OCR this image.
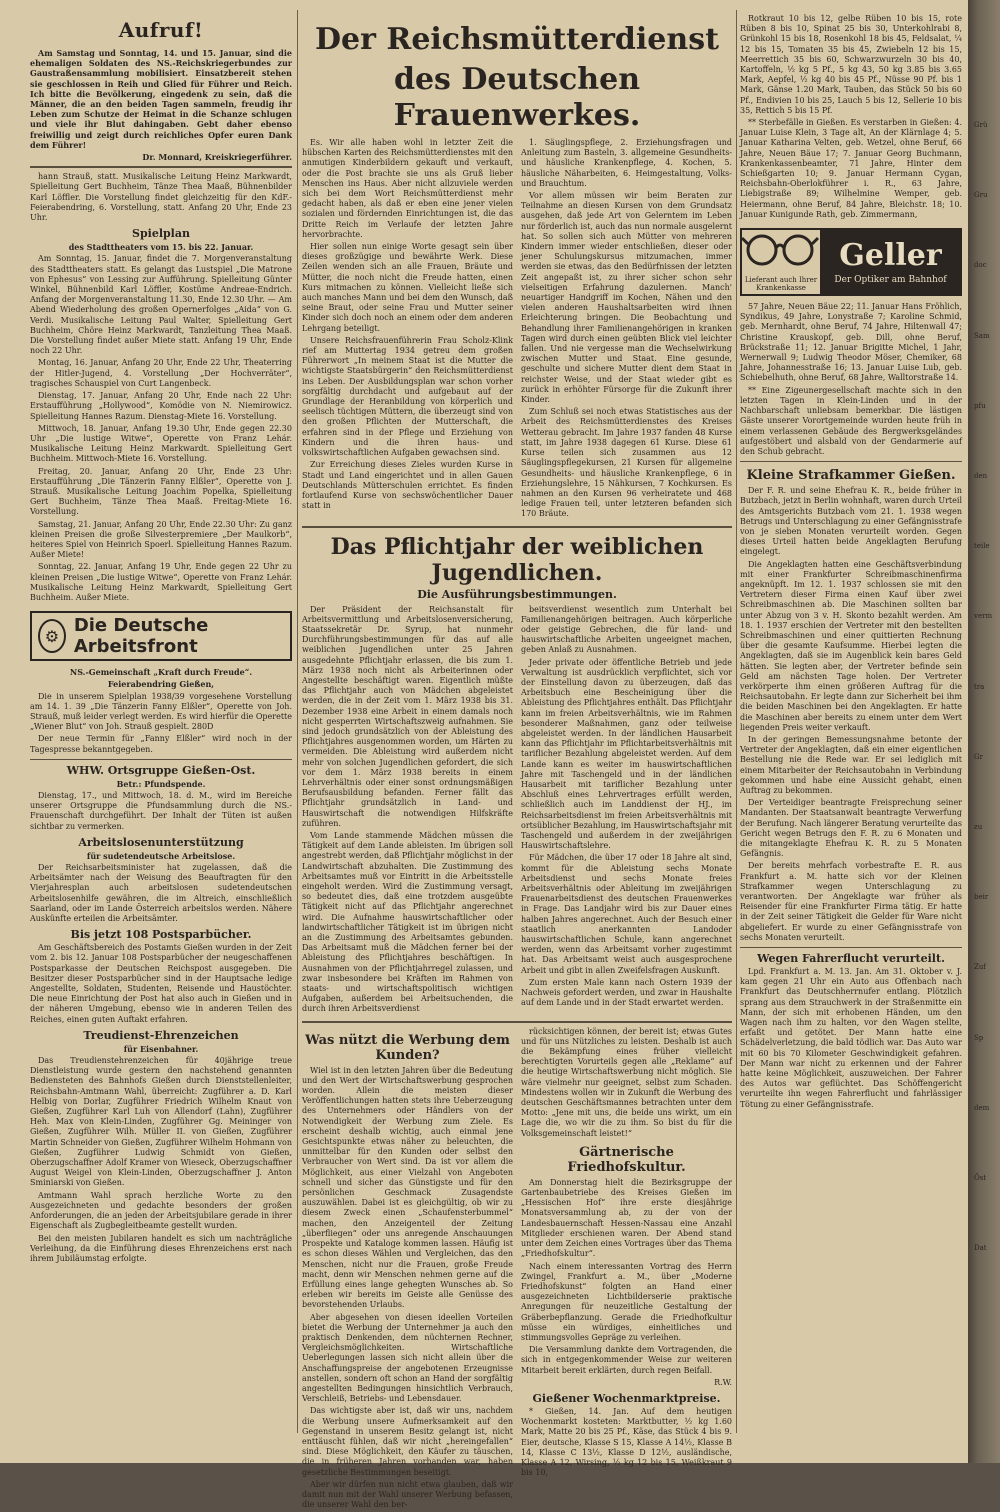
Aufruf!

Am Samstag und Sonntag, 14. und 15. Januar, sind die ehemaligen Soldaten des NS.-Reichskriegerbundes zur Gaustraßensammlung mobilisiert. Einsatzbereit stehen sie geschlossen in Reih und Glied für Führer und Reich. Ich bitte die Bevölkerung, eingedenk zu sein, daß die Männer, die an den beiden Tagen sammeln, freudig ihr Leben zum Schutze der Heimat in die Schanze schlugen und viele ihr Blut dahingaben. Gebt daher ebenso freiwillig und zeigt durch reichliches Opfer euren Dank dem Führer!

Dr. Monnard, Kreiskriegerführer.

hann Strauß, statt. Musikalische Leitung Heinz Markwardt, Spielleitung Gert Buchheim, Tänze Thea Maaß, Bühnenbilder Karl Löffler. Die Vorstellung findet gleichzeitig für den KdF.-Feierabendring, 6. Vorstellung, statt. Anfang 20 Uhr, Ende 23 Uhr.

Spielplan

des Stadttheaters vom 15. bis 22. Januar.

Am Sonntag, 15. Januar, findet die 7. Morgenveranstaltung des Stadttheaters statt. Es gelangt das Lustspiel „Die Matrone von Ephesus“ von Lessing zur Aufführung. Spielleitung Günter Winkel, Bühnenbild Karl Löffler, Kostüme Andreae-Endrich. Anfang der Morgenveranstaltung 11.30, Ende 12.30 Uhr. — Am Abend Wiederholung des großen Opernerfolges „Aida“ von G. Verdi. Musikalische Leitung Paul Walter, Spielleitung Gert Buchheim, Chöre Heinz Markwardt, Tanzleitung Thea Maaß. Die Vorstellung findet außer Miete statt. Anfang 19 Uhr, Ende noch 22 Uhr.

Montag, 16. Januar, Anfang 20 Uhr, Ende 22 Uhr, Theaterring der Hitler-Jugend, 4. Vorstellung „Der Hochverräter“, tragisches Schauspiel von Curt Langenbeck.

Dienstag, 17. Januar, Anfang 20 Uhr, Ende nach 22 Uhr: Erstaufführung „Hollywood“, Komödie von N. Niemirowicz. Spielleitung Hannes Razum. Dienstag-Miete 16. Vorstellung.

Mittwoch, 18. Januar, Anfang 19.30 Uhr, Ende gegen 22.30 Uhr „Die lustige Witwe“, Operette von Franz Lehár. Musikalische Leitung Heinz Markwardt. Spielleitung Gert Buchheim. Mittwoch-Miete 16. Vorstellung.

Freitag, 20. Januar, Anfang 20 Uhr, Ende 23 Uhr: Erstaufführung „Die Tänzerin Fanny Elßler“, Operette von J. Strauß. Musikalische Leitung Joachim Popelka, Spielleitung Gert Buchheim, Tänze Thea Maaß. Freitag-Miete 16. Vorstellung.

Samstag, 21. Januar, Anfang 20 Uhr, Ende 22.30 Uhr: Zu ganz kleinen Preisen die große Silvesterpremiere „Der Maulkorb“, heiteres Spiel von Heinrich Spoerl. Spielleitung Hannes Razum. Außer Miete!

Sonntag, 22. Januar, Anfang 19 Uhr, Ende gegen 22 Uhr zu kleinen Preisen „Die lustige Witwe“, Operette von Franz Lehár. Musikalische Leitung Heinz Markwardt, Spielleitung Gert Buchheim. Außer Miete.

⚙ Die Deutsche Arbeitsfront

NS.-Gemeinschaft „Kraft durch Freude“.

Feierabendring Gießen,

Die in unserem Spielplan 1938/39 vorgesehene Vorstellung am 14. 1. 39 „Die Tänzerin Fanny Elßler“, Operette von Joh. Strauß, muß leider verlegt werden. Es wird hierfür die Operette „Wiener Blut“ von Joh. Strauß gespielt. 280D

Der neue Termin für „Fanny Elßler“ wird noch in der Tagespresse bekanntgegeben.

WHW. Ortsgruppe Gießen-Ost.

Betr.: Pfundspende.

Dienstag, 17., und Mittwoch, 18. d. M., wird im Bereiche unserer Ortsgruppe die Pfundsammlung durch die NS.-Frauenschaft durchgeführt. Der Inhalt der Tüten ist außen sichtbar zu vermerken.

Arbeitslosenunterstützung

für sudetendeutsche Arbeitslose.

Der Reichsarbeitsminister hat zugelassen, daß die Arbeitsämter nach der Weisung des Beauftragten für den Vierjahresplan auch arbeitslosen sudetendeutschen Arbeitslosenhilfe gewähren, die im Altreich, einschließlich Saarland, oder im Lande Österreich arbeitslos werden. Nähere Auskünfte erteilen die Arbeitsämter.

Bis jetzt 108 Postsparbücher.

Am Geschäftsbereich des Postamts Gießen wurden in der Zeit vom 2. bis 12. Januar 108 Postsparbücher der neugeschaffenen Postsparkasse der Deutschen Reichspost ausgegeben. Die Besitzer dieser Postsparbücher sind in der Hauptsache ledige Angestellte, Soldaten, Studenten, Reisende und Haustöchter. Die neue Einrichtung der Post hat also auch in Gießen und in der näheren Umgebung, ebenso wie in anderen Teilen des Reiches, einen guten Auftakt erfahren.

Treudienst-Ehrenzeichen

für Eisenbahner.

Das Treudienstehrenzeichen für 40jährige treue Dienstleistung wurde gestern den nachstehend genannten Bediensteten des Bahnhofs Gießen durch Dienststellenleiter, Reichsbahn-Amtmann Wahl, überreicht: Zugführer a. D. Karl Helbig von Dorlar, Zugführer Friedrich Wilhelm Knaut von Gießen, Zugführer Karl Luh von Allendorf (Lahn), Zugführer Heh. Max von Klein-Linden, Zugführer Gg. Meininger von Gießen, Zugführer Wilh. Müller II. von Gießen, Zugführer Martin Schneider von Gießen, Zugführer Wilhelm Hohmann von Gießen, Zugführer Ludwig Schmidt von Gießen, Oberzugschaffner Adolf Kramer von Wieseck, Oberzugschaffner August Weigel von Klein-Linden, Oberzugschaffner J. Anton Sminiarski von Gießen.

Amtmann Wahl sprach herzliche Worte zu den Ausgezeichneten und gedachte besonders der großen Anforderungen, die an jeden der Arbeitsjubilare gerade in ihrer Eigenschaft als Zugbegleitbeamte gestellt wurden.

Bei den meisten Jubilaren handelt es sich um nachträgliche Verleihung, da die Einführung dieses Ehrenzeichens erst nach ihrem Jubiläumstag erfolgte.

Der Reichsmütterdienst
des Deutschen Frauenwerkes.

Es. Wir alle haben wohl in letzter Zeit die hübschen Karten des Reichsmütterdienstes mit den anmutigen Kinderbildern gekauft und verkauft, oder die Post brachte sie uns als Gruß lieber Menschen ins Haus. Aber nicht allzuviele werden sich bei dem Wort Reichsmütterdienst mehr gedacht haben, als daß er eben eine jener vielen sozialen und fördernden Einrichtungen ist, die das Dritte Reich im Verlaufe der letzten Jahre hervorbrachte.

Hier sollen nun einige Worte gesagt sein über dieses großzügige und bewährte Werk. Diese Zeilen wenden sich an alle Frauen, Bräute und Mütter, die noch nicht die Freude hatten, einen Kurs mitmachen zu können. Vielleicht ließe sich auch manches Mann und bei dem den Wunsch, daß seine Braut, oder seine Frau und Mutter seiner Kinder sich doch noch an einem oder dem anderen Lehrgang beteiligt.

Unsere Reichsfrauenführerin Frau Scholz-Klink rief am Muttertag 1934 getreu dem großen Führerwort „In meinem Staat ist die Mutter die wichtigste Staatsbürgerin“ den Reichsmütterdienst ins Leben. Der Ausbildungsplan war schon vorher sorgfältig durchdacht und aufgebaut auf der Grundlage der Heranbildung von körperlich und seelisch tüchtigen Müttern, die überzeugt sind von den großen Pflichten der Mutterschaft, die erfahren sind in der Pflege und Erziehung von Kindern und die ihren haus- und volkswirtschaftlichen Aufgaben gewachsen sind.

Zur Erreichung dieses Zieles wurden Kurse in Stadt und Land eingerichtet und in allen Gauen Deutschlands Mütterschulen errichtet. Es finden fortlaufend Kurse von sechswöchentlicher Dauer statt in

1. Säuglingspflege, 2. Erziehungsfragen und Anleitung zum Basteln, 3. allgemeine Gesundheits- und häusliche Krankenpflege, 4. Kochen, 5. häusliche Näharbeiten, 6. Heimgestaltung, Volks- und Brauchtum.

Vor allem müssen wir beim Beraten zur Teilnahme an diesen Kursen von dem Grundsatz ausgehen, daß jede Art von Gelerntem im Leben nur förderlich ist, auch das nun normale ausgelernt hat. So sollen sich auch Mütter von mehreren Kindern immer wieder entschließen, dieser oder jener Schulungskursus mitzumachen, immer werden sie etwas, das den Bedürfnissen der letzten Zeit angepaßt ist, zu ihrer sicher schon sehr vielseitigen Erfahrung dazulernen. Manch' neuartiger Handgriff im Kochen, Nähen und den vielen anderen Haushaltsarbeiten wird ihnen Erleichterung bringen. Die Beobachtung und Behandlung ihrer Familienangehörigen in kranken Tagen wird durch einen geübten Blick viel leichter fallen. Und nie vergesse man die Wechselwirkung zwischen Mutter und Staat. Eine gesunde, geschulte und sichere Mutter dient dem Staat in reichster Weise, und der Staat wieder gibt es zurück in erhöhter Fürsorge für die Zukunft ihrer Kinder.

Zum Schluß sei noch etwas Statistisches aus der Arbeit des Reichsmütterdienstes des Kreises Wetterau gebracht. Im Jahre 1937 fanden 48 Kurse statt, im Jahre 1938 dagegen 61 Kurse. Diese 61 Kurse teilen sich zusammen aus 12 Säuglingspflegekursen, 21 Kursen für allgemeine Gesundheits- und häusliche Krankenpflege, 6 in Erziehungslehre, 15 Nähkursen, 7 Kochkursen. Es nahmen an den Kursen 96 verheiratete und 468 ledige Frauen teil, unter letzteren befanden sich 170 Bräute.

Das Pflichtjahr der weiblichen Jugendlichen.
Die Ausführungsbestimmungen.

Der Präsident der Reichsanstalt für Arbeitsvermittlung und Arbeitslosenversicherung, Staatssekretär Dr. Syrup, hat nunmehr Durchführungsbestimmungen für das auf alle weiblichen Jugendlichen unter 25 Jahren ausgedehnte Pflichtjahr erlassen, die bis zum 1. März 1938 noch nicht als Arbeiterinnen oder Angestellte beschäftigt waren. Eigentlich müßte das Pflichtjahr auch von Mädchen abgeleistet werden, die in der Zeit vom 1. März 1938 bis 31. Dezember 1938 eine Arbeit in einem damals noch nicht gesperrten Wirtschaftszweig aufnahmen. Sie sind jedoch grundsätzlich von der Ableistung des Pflichtjahres ausgenommen worden, um Härten zu vermeiden. Die Ableistung wird außerdem nicht mehr von solchen Jugendlichen gefordert, die sich vor dem 1. März 1938 bereits in einem Lehrverhältnis oder einer sonst ordnungsmäßigen Berufsausbildung befanden. Ferner fällt das Pflichtjahr grundsätzlich in Land- und Hauswirtschaft die notwendigen Hilfskräfte zuführen.

Vom Lande stammende Mädchen müssen die Tätigkeit auf dem Lande ableisten. Im übrigen soll angestrebt werden, daß Pflichtjahr möglichst in der Landwirtschaft abzuhalten. Die Zustimmung des Arbeitsamtes muß vor Eintritt in die Arbeitsstelle eingeholt werden. Wird die Zustimmung versagt, so bedeutet dies, daß eine trotzdem ausgeübte Tätigkeit nicht auf das Pflichtjahr angerechnet wird. Die Aufnahme hauswirtschaftlicher oder landwirtschaftlicher Tätigkeit ist im übrigen nicht an die Zustimmung des Arbeitsamtes gebunden. Das Arbeitsamt muß die Mädchen ferner bei der Ableistung des Pflichtjahres beschäftigen. In Ausnahmen von der Pflichtjahrregel zulassen, und zwar insbesondere bei Kräften im Rahmen von staats- und wirtschaftspolitisch wichtigen Aufgaben, außerdem bei Arbeitsuchenden, die durch ihren Arbeitsverdienst

beitsverdienst wesentlich zum Unterhalt bei Familienangehörigen beitragen. Auch körperliche oder geistige Gebrechen, die für land- und hauswirtschaftliche Arbeiten ungeeignet machen, geben Anlaß zu Ausnahmen.

Jeder private oder öffentliche Betrieb und jede Verwaltung ist ausdrücklich verpflichtet, sich vor der Einstellung davon zu überzeugen, daß das Arbeitsbuch eine Bescheinigung über die Ableistung des Pflichtjahres enthält. Das Pflichtjahr kann im freien Arbeitsverhältnis, wie im Rahmen besonderer Maßnahmen, ganz oder teilweise abgeleistet werden. In der ländlichen Hausarbeit kann das Pflichtjahr im Pflichtarbeitsverhältnis mit tariflicher Bezahlung abgeleistet werden. Auf dem Lande kann es weiter im hauswirtschaftlichen Jahre mit Taschengeld und in der ländlichen Hausarbeit mit tariflicher Bezahlung unter Abschluß eines Lehrvertrages erfüllt werden, schließlich auch im Landdienst der HJ., im Reichsarbeitsdienst im freien Arbeitsverhältnis mit ortsüblicher Bezahlung, im Hauswirtschaftsjahr mit Taschengeld und außerdem in der zweijährigen Hauswirtschaftslehre.

Für Mädchen, die über 17 oder 18 Jahre alt sind, kommt für die Ableistung sechs Monate Arbeitsdienst und sechs Monate freies Arbeitsverhältnis oder Ableitung im zweijährigen Frauenarbeitsdienst des deutschen Frauenwerkes in Frage. Das Landjahr wird bis zur Dauer eines halben Jahres angerechnet. Auch der Besuch einer staatlich anerkannten Landoder hauswirtschaftlichen Schule, kann angerechnet werden, wenn das Arbeitsamt vorher zugestimmt hat. Das Arbeitsamt weist auch ausgesprochene Arbeit und gibt in allen Zweifelsfragen Auskunft.

Zum ersten Male kann nach Ostern 1939 der Nachweis gefordert werden, und zwar in Haushalte auf dem Lande und in der Stadt erwartet werden.

Was nützt die Werbung dem Kunden?

Wiel ist in den letzten Jahren über die Bedeutung und den Wert der Wirtschaftswerbung gesprochen worden. Allein die meisten dieser Veröffentlichungen hatten stets ihre Ueberzeugung des Unternehmers oder Händlers von der Notwendigkeit der Werbung zum Ziele. Es erscheint deshalb wichtig, auch einmal jene Gesichtspunkte etwas näher zu beleuchten, die unmittelbar für den Kunden oder selbst den Verbraucher von Wert sind. Da ist vor allem die Möglichkeit, aus einer Vielzahl von Angeboten schnell und sicher das Günstigste und für den persönlichen Geschmack Zusagendste auszuwählen. Dabei ist es gleichgültig, ob wir zu diesem Zweck einen „Schaufensterbummel“ machen, den Anzeigenteil der Zeitung „überfliegen“ oder uns anregende Anschauungen Prospekte und Kataloge kommen lassen. Häufig ist es schon dieses Wählen und Vergleichen, das den Menschen, nicht nur die Frauen, große Freude macht, denn wir Menschen nehmen gerne auf die Erfüllung eines lange gehegten Wunsches ab. So erleben wir bereits im Geiste alle Genüsse des bevorstehenden Urlaubs.

Aber abgesehen von diesen ideellen Vorteilen bietet die Werbung der Unternehmer ja auch den praktisch Denkenden, dem nüchternen Rechner, Vergleichsmöglichkeiten. Wirtschaftliche Ueberlegungen lassen sich nicht allein über die Anschaffungspreise der angebotenen Erzeugnisse anstellen, sondern oft schon an Hand der sorgfältig angestellten Bedingungen hinsichtlich Verbrauch, Verschleiß, Betriebs- und Lebensdauer.

Das wichtigste aber ist, daß wir uns, nachdem die Werbung unsere Aufmerksamkeit auf den Gegenstand in unserem Besitz gelangt ist, nicht enttäuscht fühlen, daß wir nicht „hereingefallen“ sind. Diese Möglichkeit, den Käufer zu täuschen, die in früheren Jahren vorhanden war, haben gesetzliche Bestimmungen beseitigt.

Aber wir dürfen nun nicht etwa glauben, daß wir damit nun mit der Wahl unserer Werbung befassen, die unserer Wahl den ber-

rücksichtigen können, der bereit ist; etwas Gutes und für uns Nützliches zu leisten. Deshalb ist auch die Bekämpfung eines früher vielleicht berechtigten Vorurteils gegen alle „Reklame“ auf die heutige Wirtschaftswerbung nicht möglich. Sie wäre vielmehr nur geeignet, selbst zum Schaden. Mindestens wollen wir in Zukunft die Werbung des deutschen Geschäftsmannes betrachten unter dem Motto: „Jene mit uns, die beide uns wirkt, um ein Lage die, wo wir die zu ihm. So bist du für die Volksgemeinschaft leistet!“

Gärtnerische Friedhofskultur.

Am Donnerstag hielt die Bezirksgruppe der Gartenbaubetriebe des Kreises Gießen im „Hessischen Hof“ ihre erste diesjährige Monatsversammlung ab, zu der von der Landesbauernschaft Hessen-Nassau eine Anzahl Mitglieder erschienen waren. Der Abend stand unter dem Zeichen eines Vortrages über das Thema „Friedhofskultur“.

Nach einem interessanten Vortrag des Herrn Zwingel, Frankfurt a. M., über „Moderne Friedhofskunst“ folgten an Hand einer ausgezeichneten Lichtbilderserie praktische Anregungen für neuzeitliche Gestaltung der Gräberbepflanzung. Gerade die Friedhofkultur müsse ein würdiges, einheitliches und stimmungsvolles Gepräge zu verleihen.

Die Versammlung dankte dem Vortragenden, die sich in entgegenkommender Weise zur weiteren Mitarbeit bereit erklärten, durch regen Beifall.

R.W.

Gießener Wochenmarktpreise.

* Gießen, 14. Jan. Auf dem heutigen Wochenmarkt kosteten: Marktbutter, ½ kg 1.60 Mark, Matte 20 bis 25 Pf., Käse, das Stück 4 bis 9. Eier, deutsche, Klasse S 15, Klasse A 14½, Klasse B 14, Klasse C 13½, Klasse D 12½, ausländische, Klasse A 12, Wirsing, ½ kg 12 bis 15, Weißkraut 9 bis 10,

Rotkraut 10 bis 12, gelbe Rüben 10 bis 15, rote Rüben 8 bis 10, Spinat 25 bis 30, Unterkohlrabi 8, Grünkohl 15 bis 18, Rosenkohl 18 bis 45, Feldsalat, ¼ 12 bis 15, Tomaten 35 bis 45, Zwiebeln 12 bis 15, Meerrettich 35 bis 60, Schwarzwurzeln 30 bis 40, Kartoffeln, ½ kg 5 Pf., 5 kg 43, 50 kg 3.85 bis 3.65 Mark, Aepfel, ½ kg 40 bis 45 Pf., Nüsse 90 Pf. bis 1 Mark, Gänse 1.20 Mark, Tauben, das Stück 50 bis 60 Pf., Endivien 10 bis 25, Lauch 5 bis 12, Sellerie 10 bis 35, Rettich 5 bis 15 Pf.

** Sterbefälle in Gießen. Es verstarben in Gießen: 4. Januar Luise Klein, 3 Tage alt, An der Klärnlage 4; 5. Januar Katharina Velten, geb. Wetzel, ohne Beruf, 66 Jahre, Neuen Bäue 17; 7. Januar Georg Buchmann, Krankenkassenbeamter, 71 Jahre, Hinter dem Schießgarten 10; 9. Januar Hermann Cygan, Reichsbahn-Oberlokführer i. R., 63 Jahre, Liebigstraße 89; Wilhelmine Wemper, geb. Heiermann, ohne Beruf, 84 Jahre, Bleichstr. 18; 10. Januar Kunigunde Rath, geb. Zimmermann,

Lieferant auch Ihrer Krankenkasse
Geller
Der Optiker am Bahnhof

57 Jahre, Neuen Bäue 22; 11. Januar Hans Fröhlich, Syndikus, 49 Jahre, Lonystraße 7; Karoline Schmid, geb. Mernhardt, ohne Beruf, 74 Jahre, Hiltenwall 47; Christine Krauskopf, geb. Dill, ohne Beruf, Brückstraße 11; 12. Januar Brigitte Michel, 1 Jahr, Wernerwall 9; Ludwig Theodor Möser, Chemiker, 68 Jahre, Johannesstraße 16; 13. Januar Luise Lub, geb. Schiebelhuth, ohne Beruf, 68 Jahre, Walltorstraße 14.

** Eine Zigeunergesellschaft machte sich in den letzten Tagen in Klein-Linden und in der Nachbarschaft unliebsam bemerkbar. Die lästigen Gäste unserer Vorortgemeinde wurden heute früh in einem verlassenen Gebäude des Bergwerksgeländes aufgestöbert und alsbald von der Gendarmerie auf den Schub gebracht.

Kleine Strafkammer Gießen.

Der F. R. und seine Ehefrau K. R., beide früher in Butzbach, jetzt in Berlin wohnhaft, waren durch Urteil des Amtsgerichts Butzbach vom 21. 1. 1938 wegen Betrugs und Unterschlagung zu einer Gefängnisstrafe von je sieben Monaten verurteilt worden. Gegen dieses Urteil hatten beide Angeklagten Berufung eingelegt.

Die Angeklagten hatten eine Geschäftsverbindung mit einer Frankfurter Schreibmaschinenfirma angeknüpft. Im 12. 1. 1937 schlossen sie mit den Vertretern dieser Firma einen Kauf über zwei Schreibmaschinen ab. Die Maschinen sollten bar unter Abzug von 3 v. H. Skonto bezahlt werden. Am 18. 1. 1937 erschien der Vertreter mit den bestellten Schreibmaschinen und einer quittierten Rechnung über die gesamte Kaufsumme. Hierbei legten die Angeklagten, daß sie im Augenblick kein bares Geld hätten. Sie legten aber, der Vertreter befinde sein Geld am nächsten Tage holen. Der Vertreter verkörperte ihm einen größeren Auftrag für die Reichsautobahn. Er legte dann zur Sicherheit bei ihm die beiden Maschinen bei den Angeklagten. Er hatte die Maschinen aber bereits zu einem unter dem Wert liegenden Preis weiter verkauft.

In der geringen Bemessungsnahme betonte der Vertreter der Angeklagten, daß ein einer eigentlichen Bestellung nie die Rede war. Er sei lediglich mit einem Mitarbeiter der Reichsautobahn in Verbindung gekommen und habe eine Aussicht gehabt, einen Auftrag zu bekommen.

Der Verteidiger beantragte Freisprechung seiner Mandanten. Der Staatsanwalt beantragte Verwerfung der Berufung. Nach längerer Beratung verurteilte das Gericht wegen Betrugs den F. R. zu 6 Monaten und die mitangeklagte Ehefrau K. R. zu 5 Monaten Gefängnis.

Der bereits mehrfach vorbestrafte E. R. aus Frankfurt a. M. hatte sich vor der Kleinen Strafkammer wegen Unterschlagung zu verantworten. Der Angeklagte war früher als Reisender für eine Frankfurter Firma tätig. Er hatte in der Zeit seiner Tätigkeit die Gelder für Ware nicht abgeliefert. Er wurde zu einer Gefängnisstrafe von sechs Monaten verurteilt.

Wegen Fahrerflucht verurteilt.

Lpd. Frankfurt a. M. 13. Jan. Am 31. Oktober v. J. kam gegen 21 Uhr ein Auto aus Offenbach nach Frankfurt das Deutschherrnufer entlang. Plötzlich sprang aus dem Strauchwerk in der Straßenmitte ein Mann, der sich mit erhobenen Händen, um den Wagen nach ihm zu halten, vor den Wagen stellte, erfaßt und getötet. Der Mann hatte eine Schädelverletzung, die bald tödlich war. Das Auto war mit 60 bis 70 Kilometer Geschwindigkeit gefahren. Der Mann war nicht zu erkennen und der Fahrer hatte keine Möglichkeit, auszuweichen. Der Fahrer des Autos war geflüchtet. Das Schöffengericht verurteilte ihn wegen Fahrerflucht und fahrlässiger Tötung zu einer Gefängnisstrafe.

Grü

Gru

doc

Sam

pfu

den

teile

verm

tra

Gr

zu

beir

Zuf

Sp

dem

Öst

Dat
